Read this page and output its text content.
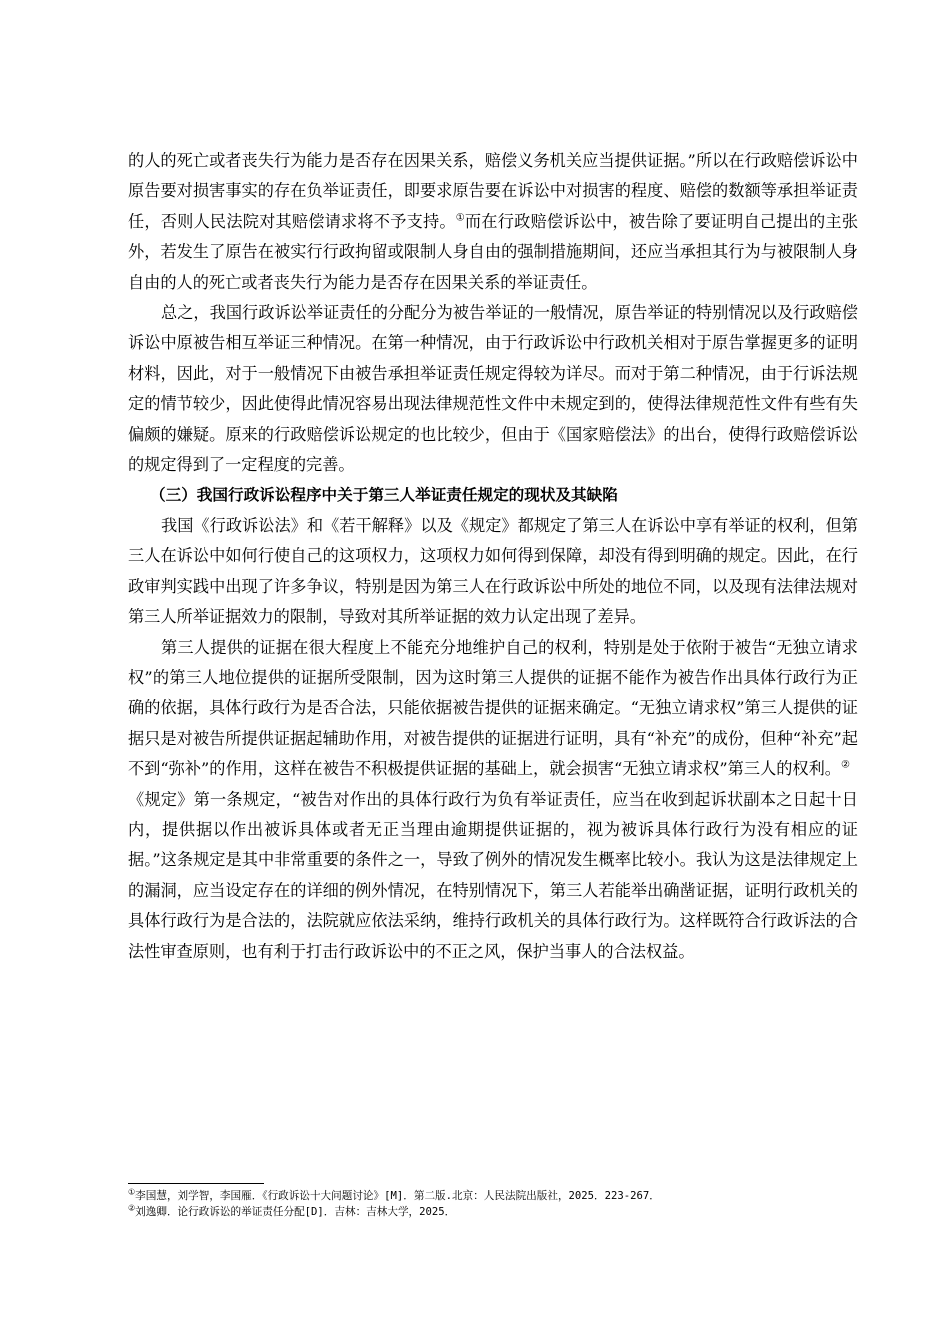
的人的死亡或者丧失行为能力是否存在因果关系，赔偿义务机关应当提供证据。”所以在行政赔偿诉讼中原告要对损害事实的存在负举证责任，即要求原告要在诉讼中对损害的程度、赔偿的数额等承担举证责任，否则人民法院对其赔偿请求将不予支持。①而在行政赔偿诉讼中，被告除了要证明自己提出的主张外，若发生了原告在被实行行政拘留或限制人身自由的强制措施期间，还应当承担其行为与被限制人身自由的人的死亡或者丧失行为能力是否存在因果关系的举证责任。

总之，我国行政诉讼举证责任的分配分为被告举证的一般情况，原告举证的特别情况以及行政赔偿诉讼中原被告相互举证三种情况。在第一种情况，由于行政诉讼中行政机关相对于原告掌握更多的证明材料，因此，对于一般情况下由被告承担举证责任规定得较为详尽。而对于第二种情况，由于行诉法规定的情节较少，因此使得此情况容易出现法律规范性文件中未规定到的，使得法律规范性文件有些有失偏颇的嫌疑。原来的行政赔偿诉讼规定的也比较少，但由于《国家赔偿法》的出台，使得行政赔偿诉讼的规定得到了一定程度的完善。

（三）我国行政诉讼程序中关于第三人举证责任规定的现状及其缺陷

我国《行政诉讼法》和《若干解释》以及《规定》都规定了第三人在诉讼中享有举证的权利，但第三人在诉讼中如何行使自己的这项权力，这项权力如何得到保障，却没有得到明确的规定。因此，在行政审判实践中出现了许多争议，特别是因为第三人在行政诉讼中所处的地位不同，以及现有法律法规对第三人所举证据效力的限制，导致对其所举证据的效力认定出现了差异。

第三人提供的证据在很大程度上不能充分地维护自己的权利，特别是处于依附于被告“无独立请求权”的第三人地位提供的证据所受限制，因为这时第三人提供的证据不能作为被告作出具体行政行为正确的依据，具体行政行为是否合法，只能依据被告提供的证据来确定。“无独立请求权”第三人提供的证据只是对被告所提供证据起辅助作用，对被告提供的证据进行证明，具有“补充”的成份，但种“补充”起不到“弥补”的作用，这样在被告不积极提供证据的基础上，就会损害“无独立请求权”第三人的权利。②

《规定》第一条规定，“被告对作出的具体行政行为负有举证责任，应当在收到起诉状副本之日起十日内，提供据以作出被诉具体或者无正当理由逾期提供证据的，视为被诉具体行政行为没有相应的证据。”这条规定是其中非常重要的条件之一，导致了例外的情况发生概率比较小。我认为这是法律规定上的漏洞，应当设定存在的详细的例外情况，在特别情况下，第三人若能举出确凿证据，证明行政机关的具体行政行为是合法的，法院就应依法采纳，维持行政机关的具体行政行为。这样既符合行政诉法的合法性审查原则，也有利于打击行政诉讼中的不正之风，保护当事人的合法权益。

①李国慧，刘学智，李国雁．《行政诉讼十大问题讨论》[M]．第二版.北京：人民法院出版社，2025．223-267．

②刘逸卿．论行政诉讼的举证责任分配[D]．吉林：吉林大学，2025．
